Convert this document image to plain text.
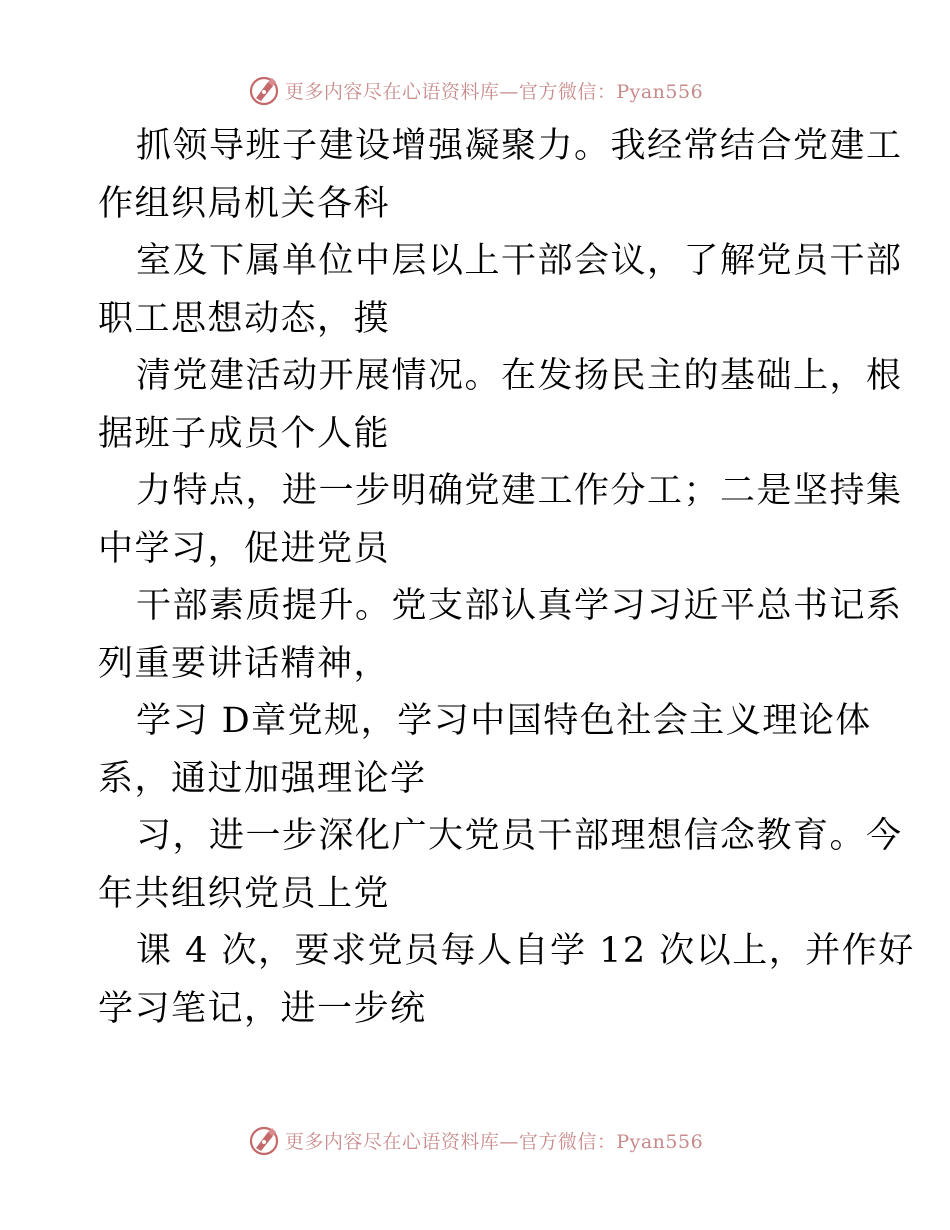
更多内容尽在心语资料库—官方微信：Pyan556

抓领导班子建设增强凝聚力。我经常结合党建工
作组织局机关各科

室及下属单位中层以上干部会议，了解党员干部
职工思想动态，摸

清党建活动开展情况。在发扬民主的基础上，根
据班子成员个人能

力特点，进一步明确党建工作分工；二是坚持集
中学习，促进党员

干部素质提升。党支部认真学习习近平总书记系
列重要讲话精神，

学习 D章党规，学习中国特色社会主义理论体
系，通过加强理论学

习，进一步深化广大党员干部理想信念教育。今
年共组织党员上党

课 4 次，要求党员每人自学 12 次以上，并作好
学习笔记，进一步统

更多内容尽在心语资料库—官方微信：Pyan556
